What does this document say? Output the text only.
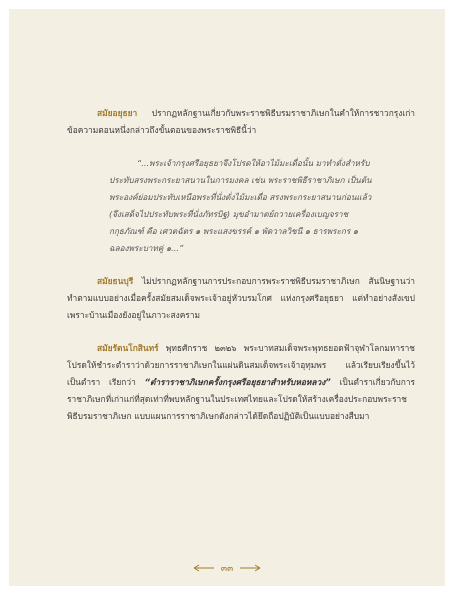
สมัยอยุธยา ปรากฏหลักฐานเกี่ยวกับพระราชพิธีบรมราชาภิเษกในคำให้การชาวกรุงเก่า ข้อความตอนหนึ่งกล่าวถึงขั้นตอนของพระราชพิธีนี้ว่า

“...พระเจ้ากรุงศรีอยุธยาจึงโปรดให้อาไม้มะเดื่อนั้น มาทำตั่งสำหรับ
ประทับสรงพระกระยาสนานในการมงคล เช่น พระราชพิธีราชาภิเษก เป็นต้น
พระองค์ย่อมประทับเหนือพระที่นั่งตั่งไม้มะเดื่อ สรงพระกระยาสนานก่อนแล้ว
(จึงเสด็จไปประทับพระที่นั่งภัทรบิฐ) มุขอำมาตย์ถวายเครื่องเบญจราช
กกุธภัณฑ์ คือ เศวตฉัตร ๑ พระแสงขรรค์ ๑ พัดวาลวิชนี ๑ ธารพระกร ๑
ฉลองพระบาทคู่ ๑...”

สมัยธนบุรี ไม่ปรากฏหลักฐานการประกอบการพระราชพิธีบรมราชาภิเษก สันนิษฐานว่า ทำตามแบบอย่างเมื่อครั้งสมัยสมเด็จพระเจ้าอยู่หัวบรมโกศ แห่งกรุงศรีอยุธยา แต่ทำอย่างสังเขป เพราะบ้านเมืองยังอยู่ในภาวะสงคราม

สมัยรัตนโกสินทร์ พุทธศักราช ๒๓๒๖ พระบาทสมเด็จพระพุทธยอดฟ้าจุฬาโลกมหาราช โปรดให้ชำระตำราว่าด้วยการราชาภิเษกในแผ่นดินสมเด็จพระเจ้าอุทุมพร แล้วเรียบเรียงขึ้นไว้ เป็นตำรา เรียกว่า “ตำราราชาภิเษกครั้งกรุงศรีอยุธยาสำหรับหอหลวง” เป็นตำราเกี่ยวกับการราชาภิเษกที่เก่าแก่ที่สุดเท่าที่พบหลักฐานในประเทศไทยและโปรดให้สร้างเครื่องประกอบพระราช พิธีบรมราชาภิเษก แบบแผนการราชาภิเษกดังกล่าวได้ยึดถือปฏิบัติเป็นแบบอย่างสืบมา

๓๓
